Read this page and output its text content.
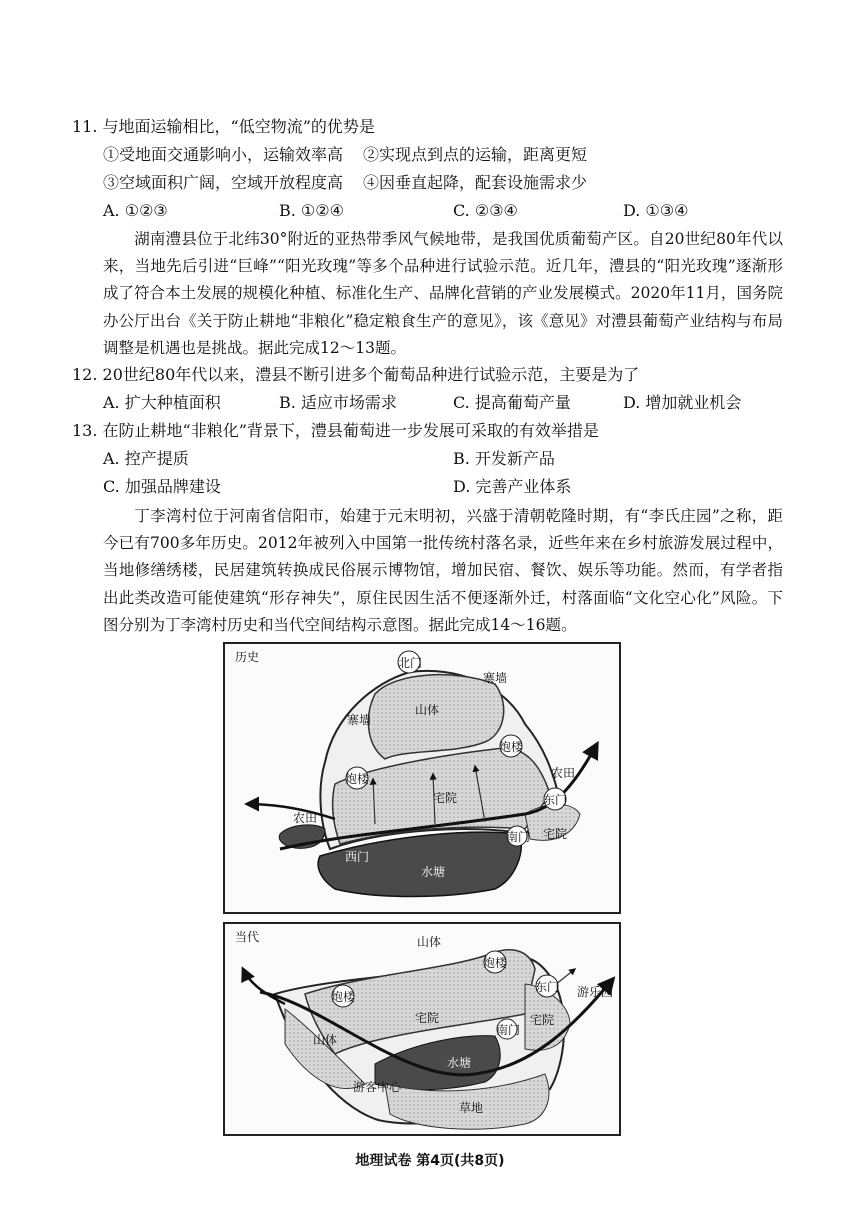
11. 与地面运输相比，“低空物流”的优势是
①受地面交通影响小，运输效率高 ②实现点到点的运输，距离更短
③空域面积广阔，空域开放程度高 ④因垂直起降，配套设施需求少
A. ①②③	B. ①②④	C. ②③④	D. ①③④
湖南澧县位于北纬30°附近的亚热带季风气候地带，是我国优质葡萄产区。自20世纪80年代以来，当地先后引进“巨峰”“阳光玫瑰”等多个品种进行试验示范。近几年，澧县的“阳光玫瑰”逐渐形成了符合本土发展的规模化种植、标准化生产、品牌化营销的产业发展模式。2020年11月，国务院办公厅出台《关于防止耕地“非粮化”稳定粮食生产的意见》，该《意见》对澧县葡萄产业结构与布局调整是机遇也是挑战。据此完成12～13题。
12. 20世纪80年代以来，澧县不断引进多个葡萄品种进行试验示范，主要是为了
A. 扩大种植面积	B. 适应市场需求	C. 提高葡萄产量	D. 增加就业机会
13. 在防止耕地“非粮化”背景下，澧县葡萄进一步发展可采取的有效举措是
A. 控产提质	B. 开发新产品
C. 加强品牌建设	D. 完善产业体系
丁李湾村位于河南省信阳市，始建于元末明初，兴盛于清朝乾隆时期，有“李氏庄园”之称，距今已有700多年历史。2012年被列入中国第一批传统村落名录，近些年来在乡村旅游发展过程中，当地修缮绣楼，民居建筑转换成民俗展示博物馆，增加民宿、餐饮、娱乐等功能。然而，有学者指出此类改造可能使建筑“形存神失”，原住民因生活不便逐渐外迁，村落面临“文化空心化”风险。下图分别为丁李湾村历史和当代空间结构示意图。据此完成14～16题。
历史	北门
寨墙
寨墙
山体
炮楼
炮楼	农田
农田
宅院
宅院
东门
南门
西门
水塘
当代	山体
山体
炮楼
炮楼
东门 游乐园
宅院	宅院
南门
水塘
游客中心
草地
地理试卷 第4页(共8页)
